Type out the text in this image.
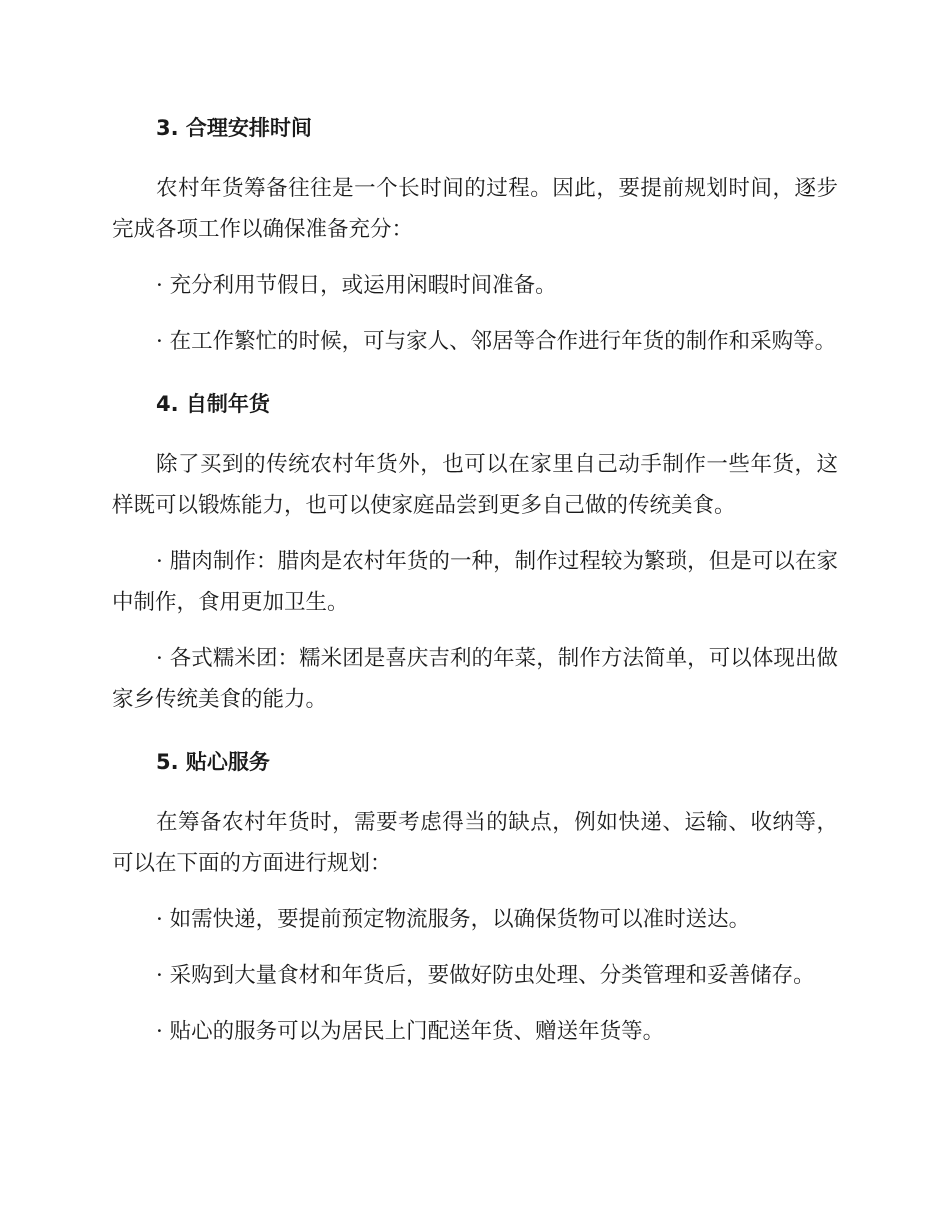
3. 合理安排时间

农村年货筹备往往是一个长时间的过程。因此，要提前规划时间，逐步完成各项工作以确保准备充分：

· 充分利用节假日，或运用闲暇时间准备。

· 在工作繁忙的时候，可与家人、邻居等合作进行年货的制作和采购等。

4. 自制年货

除了买到的传统农村年货外，也可以在家里自己动手制作一些年货，这样既可以锻炼能力，也可以使家庭品尝到更多自己做的传统美食。

· 腊肉制作：腊肉是农村年货的一种，制作过程较为繁琐，但是可以在家中制作，食用更加卫生。

· 各式糯米团：糯米团是喜庆吉利的年菜，制作方法简单，可以体现出做家乡传统美食的能力。

5. 贴心服务

在筹备农村年货时，需要考虑得当的缺点，例如快递、运输、收纳等，可以在下面的方面进行规划：

· 如需快递，要提前预定物流服务，以确保货物可以准时送达。

· 采购到大量食材和年货后，要做好防虫处理、分类管理和妥善储存。

· 贴心的服务可以为居民上门配送年货、赠送年货等。
